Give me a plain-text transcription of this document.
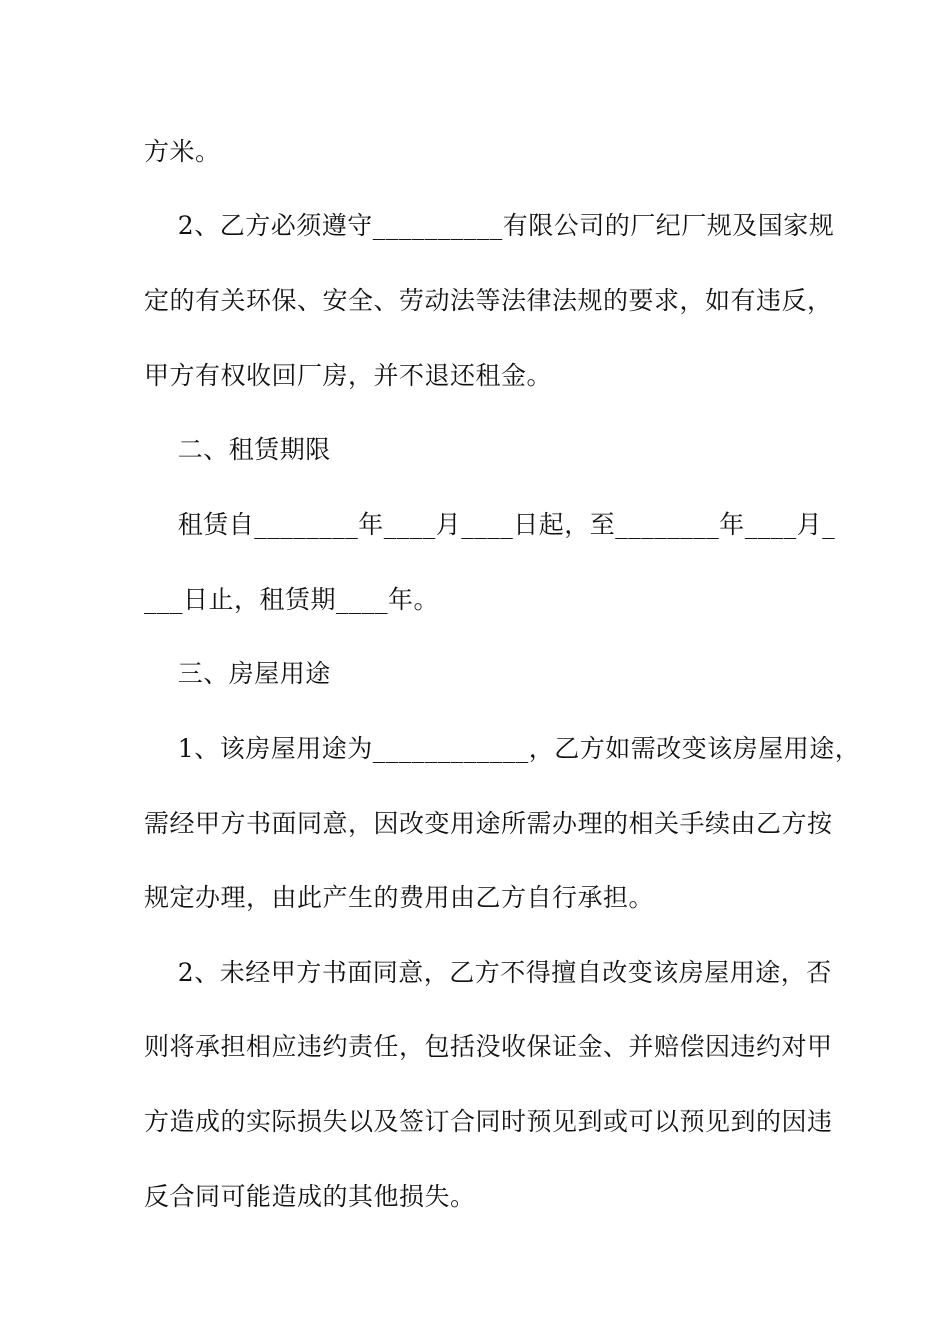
方米。
2、乙方必须遵守__________有限公司的厂纪厂规及国家规
定的有关环保、安全、劳动法等法律法规的要求，如有违反，
甲方有权收回厂房，并不退还租金。
二、租赁期限
租赁自________年____月____日起，至________年____月_
___日止，租赁期____年。
三、房屋用途
1、该房屋用途为____________，乙方如需改变该房屋用途，
需经甲方书面同意，因改变用途所需办理的相关手续由乙方按
规定办理，由此产生的费用由乙方自行承担。
2、未经甲方书面同意，乙方不得擅自改变该房屋用途，否
则将承担相应违约责任，包括没收保证金、并赔偿因违约对甲
方造成的实际损失以及签订合同时预见到或可以预见到的因违
反合同可能造成的其他损失。
